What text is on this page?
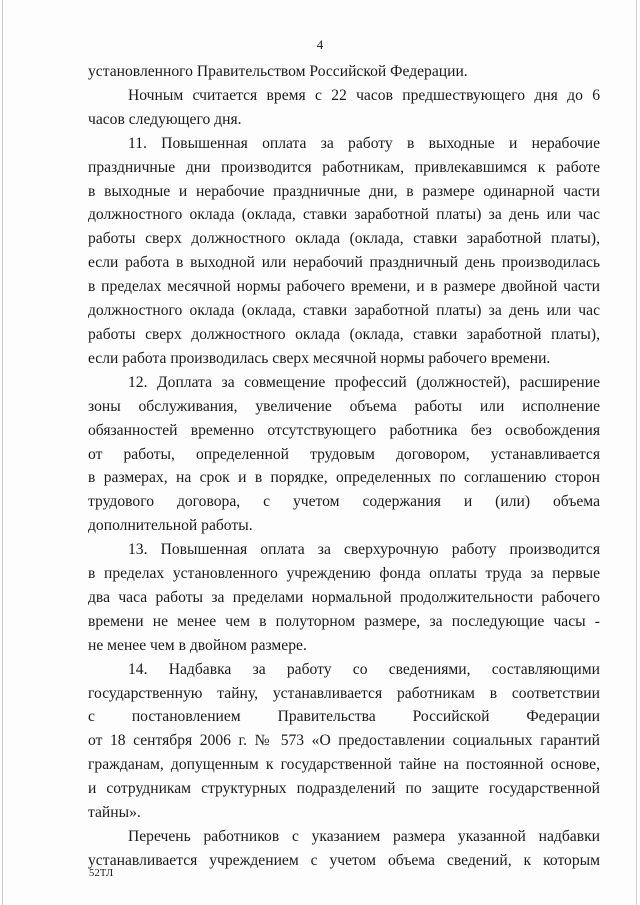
4
установленного Правительством Российской Федерации.
Ночным считается время с 22 часов предшествующего дня до 6
часов следующего дня.
11. Повышенная оплата за работу в выходные и нерабочие
праздничные дни производится работникам, привлекавшимся к работе
в выходные и нерабочие праздничные дни, в размере одинарной части
должностного оклада (оклада, ставки заработной платы) за день или час
работы сверх должностного оклада (оклада, ставки заработной платы),
если работа в выходной или нерабочий праздничный день производилась
в пределах месячной нормы рабочего времени, и в размере двойной части
должностного оклада (оклада, ставки заработной платы) за день или час
работы сверх должностного оклада (оклада, ставки заработной платы),
если работа производилась сверх месячной нормы рабочего времени.
12. Доплата за совмещение профессий (должностей), расширение
зоны обслуживания, увеличение объема работы или исполнение
обязанностей временно отсутствующего работника без освобождения
от работы, определенной трудовым договором, устанавливается
в размерах, на срок и в порядке, определенных по соглашению сторон
трудового договора, с учетом содержания и (или) объема
дополнительной работы.
13. Повышенная оплата за сверхурочную работу производится
в пределах установленного учреждению фонда оплаты труда за первые
два часа работы за пределами нормальной продолжительности рабочего
времени не менее чем в полуторном размере, за последующие часы -
не менее чем в двойном размере.
14. Надбавка за работу со сведениями, составляющими
государственную тайну, устанавливается работникам в соответствии
с постановлением Правительства Российской Федерации
от 18 сентября 2006 г. № 573 «О предоставлении социальных гарантий
гражданам, допущенным к государственной тайне на постоянной основе,
и сотрудникам структурных подразделений по защите государственной
тайны».
Перечень работников с указанием размера указанной надбавки
устанавливается учреждением с учетом объема сведений, к которым
52ТЛ
